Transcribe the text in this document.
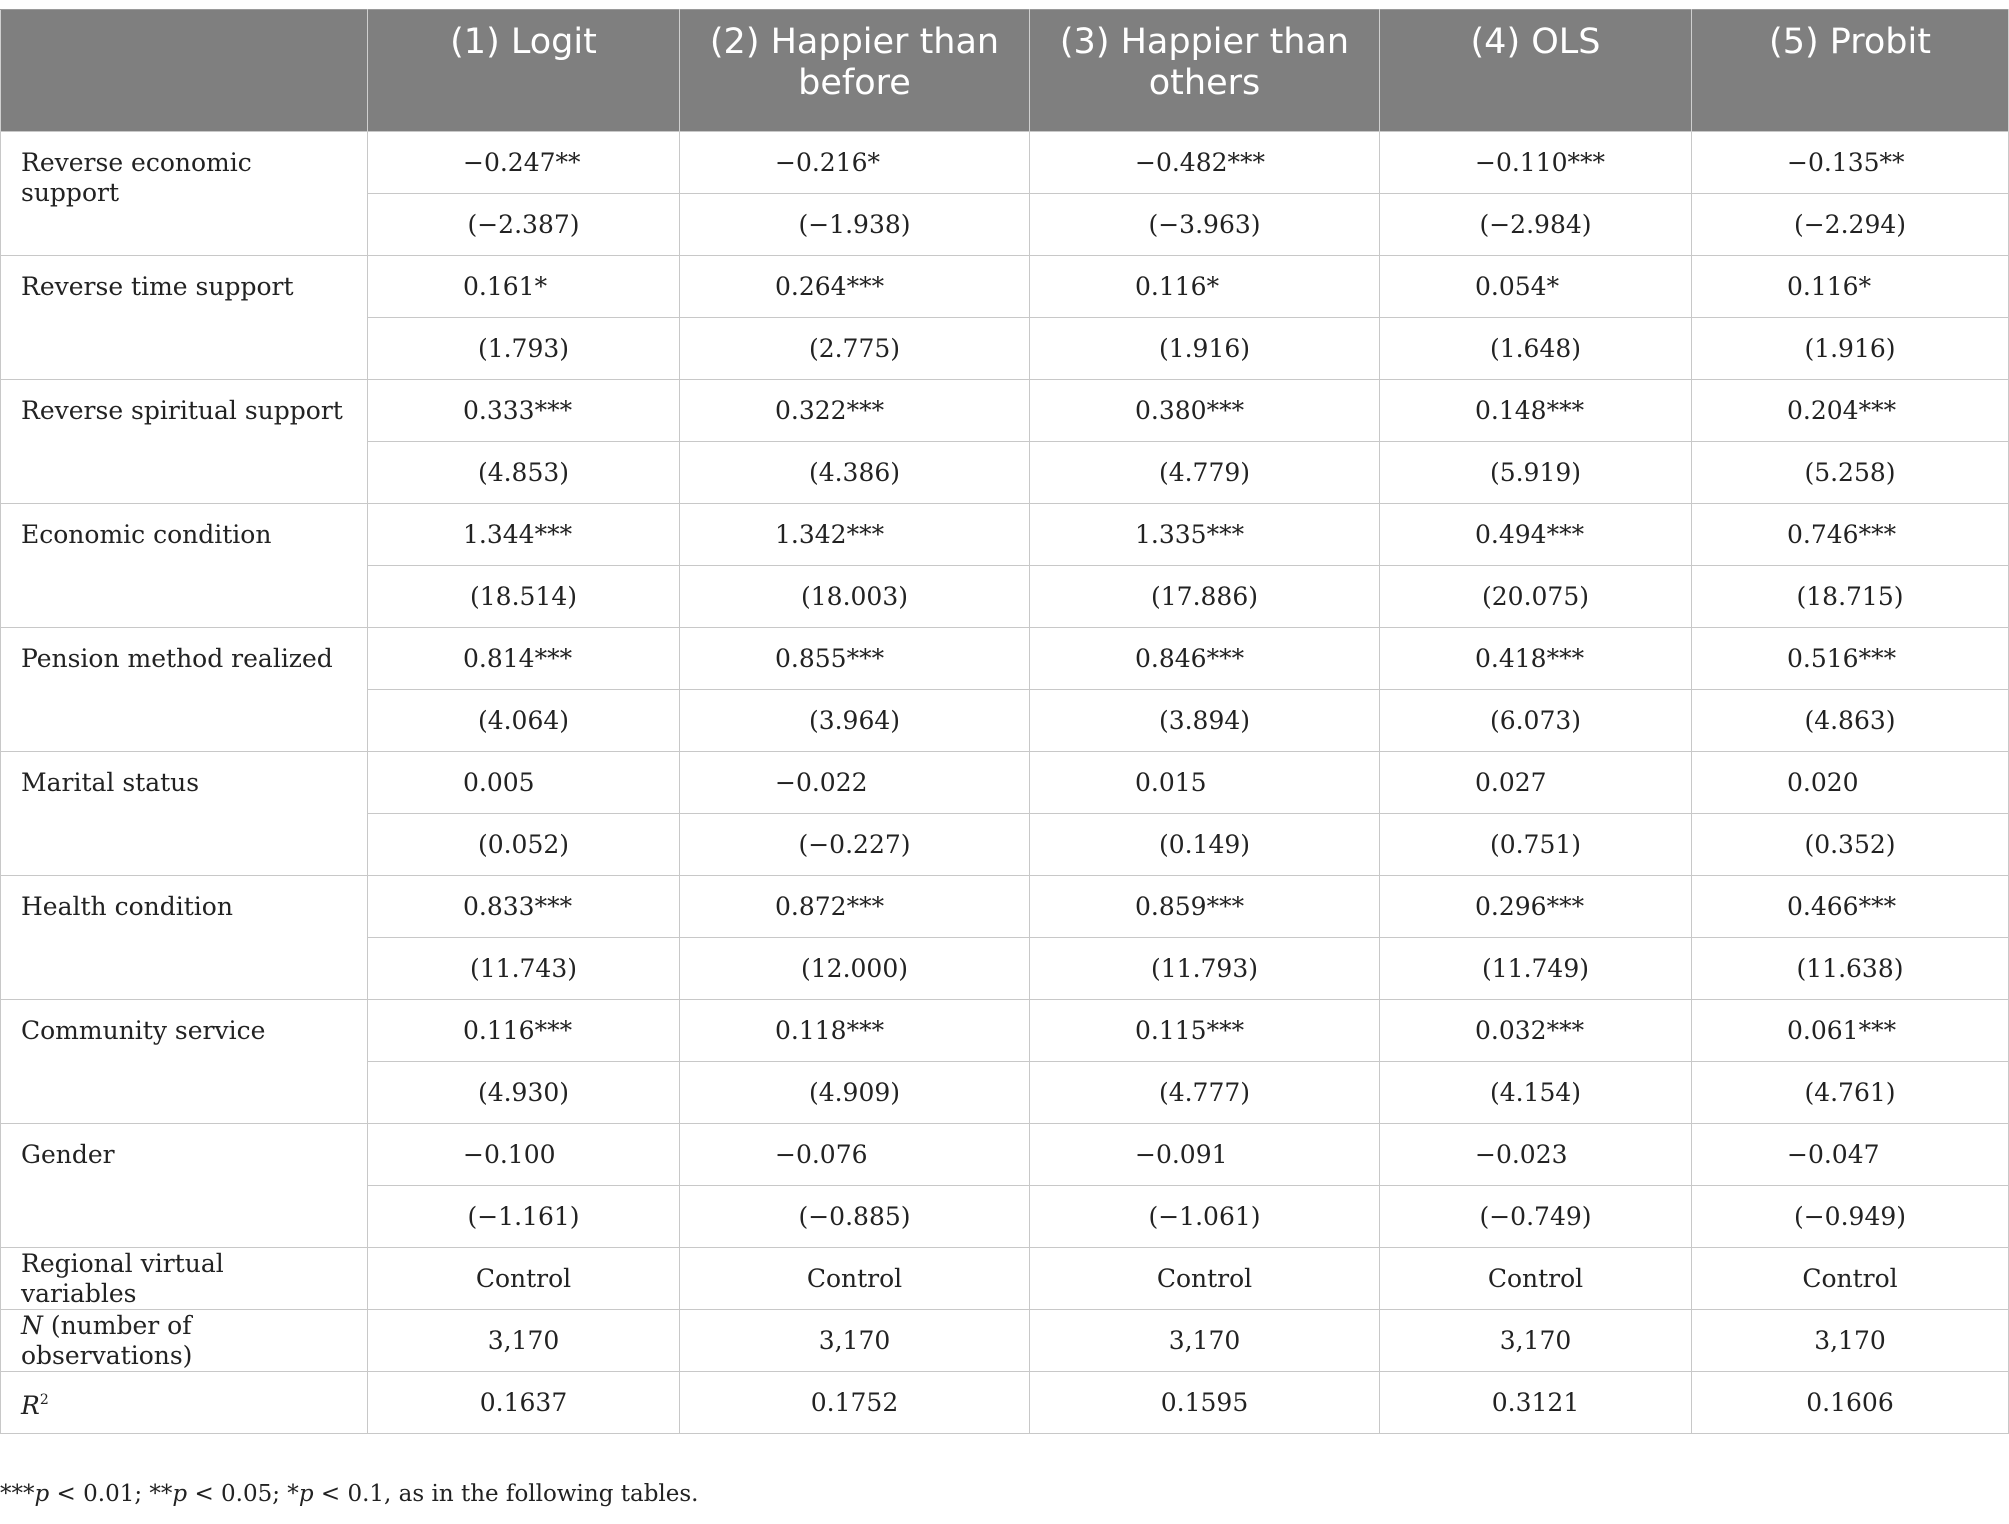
	(1) Logit	(2) Happier than before	(3) Happier than others	(4) OLS	(5) Probit
Reverse economic support	−0.247**	−0.216*	−0.482***	−0.110***	−0.135**
	(−2.387)	(−1.938)	(−3.963)	(−2.984)	(−2.294)
Reverse time support	0.161*	0.264***	0.116*	0.054*	0.116*
	(1.793)	(2.775)	(1.916)	(1.648)	(1.916)
Reverse spiritual support	0.333***	0.322***	0.380***	0.148***	0.204***
	(4.853)	(4.386)	(4.779)	(5.919)	(5.258)
Economic condition	1.344***	1.342***	1.335***	0.494***	0.746***
	(18.514)	(18.003)	(17.886)	(20.075)	(18.715)
Pension method realized	0.814***	0.855***	0.846***	0.418***	0.516***
	(4.064)	(3.964)	(3.894)	(6.073)	(4.863)
Marital status	0.005	−0.022	0.015	0.027	0.020
	(0.052)	(−0.227)	(0.149)	(0.751)	(0.352)
Health condition	0.833***	0.872***	0.859***	0.296***	0.466***
	(11.743)	(12.000)	(11.793)	(11.749)	(11.638)
Community service	0.116***	0.118***	0.115***	0.032***	0.061***
	(4.930)	(4.909)	(4.777)	(4.154)	(4.761)
Gender	−0.100	−0.076	−0.091	−0.023	−0.047
	(−1.161)	(−0.885)	(−1.061)	(−0.749)	(−0.949)
Regional virtual variables	Control	Control	Control	Control	Control
N (number of observations)	3,170	3,170	3,170	3,170	3,170
$R^2$	0.1637	0.1752	0.1595	0.3121	0.1606
***p < 0.01; **p < 0.05; *p < 0.1, as in the following tables.
